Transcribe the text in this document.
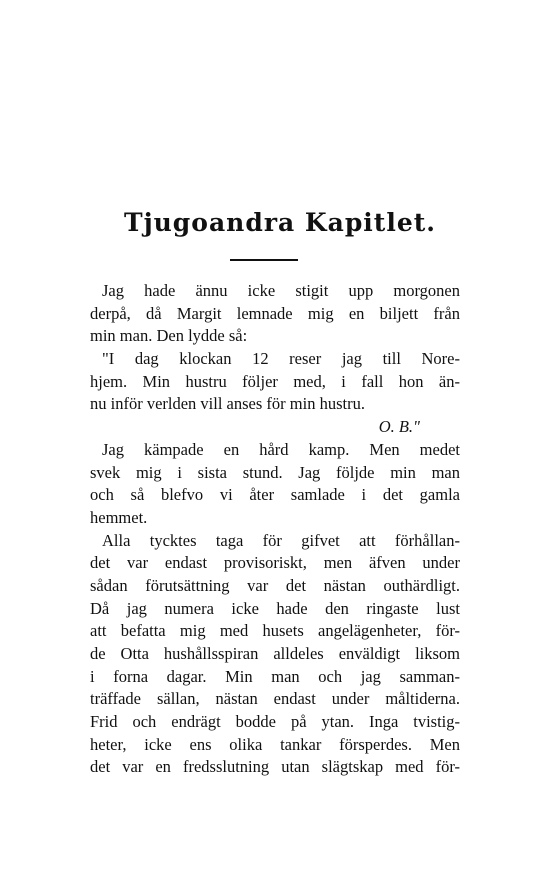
Tjugoandra Kapitlet.
Jag hade ännu icke stigit upp morgonen
derpå, då Margit lemnade mig en biljett från
min man. Den lydde så:
"I dag klockan 12 reser jag till Nore-
hjem. Min hustru följer med, i fall hon än-
nu inför verlden vill anses för min hustru.
O. B."
Jag kämpade en hård kamp. Men medet
svek mig i sista stund. Jag följde min man
och så blefvo vi åter samlade i det gamla
hemmet.
Alla tycktes taga för gifvet att förhållan-
det var endast provisoriskt, men äfven under
sådan förutsättning var det nästan outhärdligt.
Då jag numera icke hade den ringaste lust
att befatta mig med husets angelägenheter, för-
de Otta hushållsspiran alldeles enväldigt liksom
i forna dagar. Min man och jag samman-
träffade sällan, nästan endast under måltiderna.
Frid och endrägt bodde på ytan. Inga tvistig-
heter, icke ens olika tankar försperdes. Men
det var en fredsslutning utan slägtskap med för-
